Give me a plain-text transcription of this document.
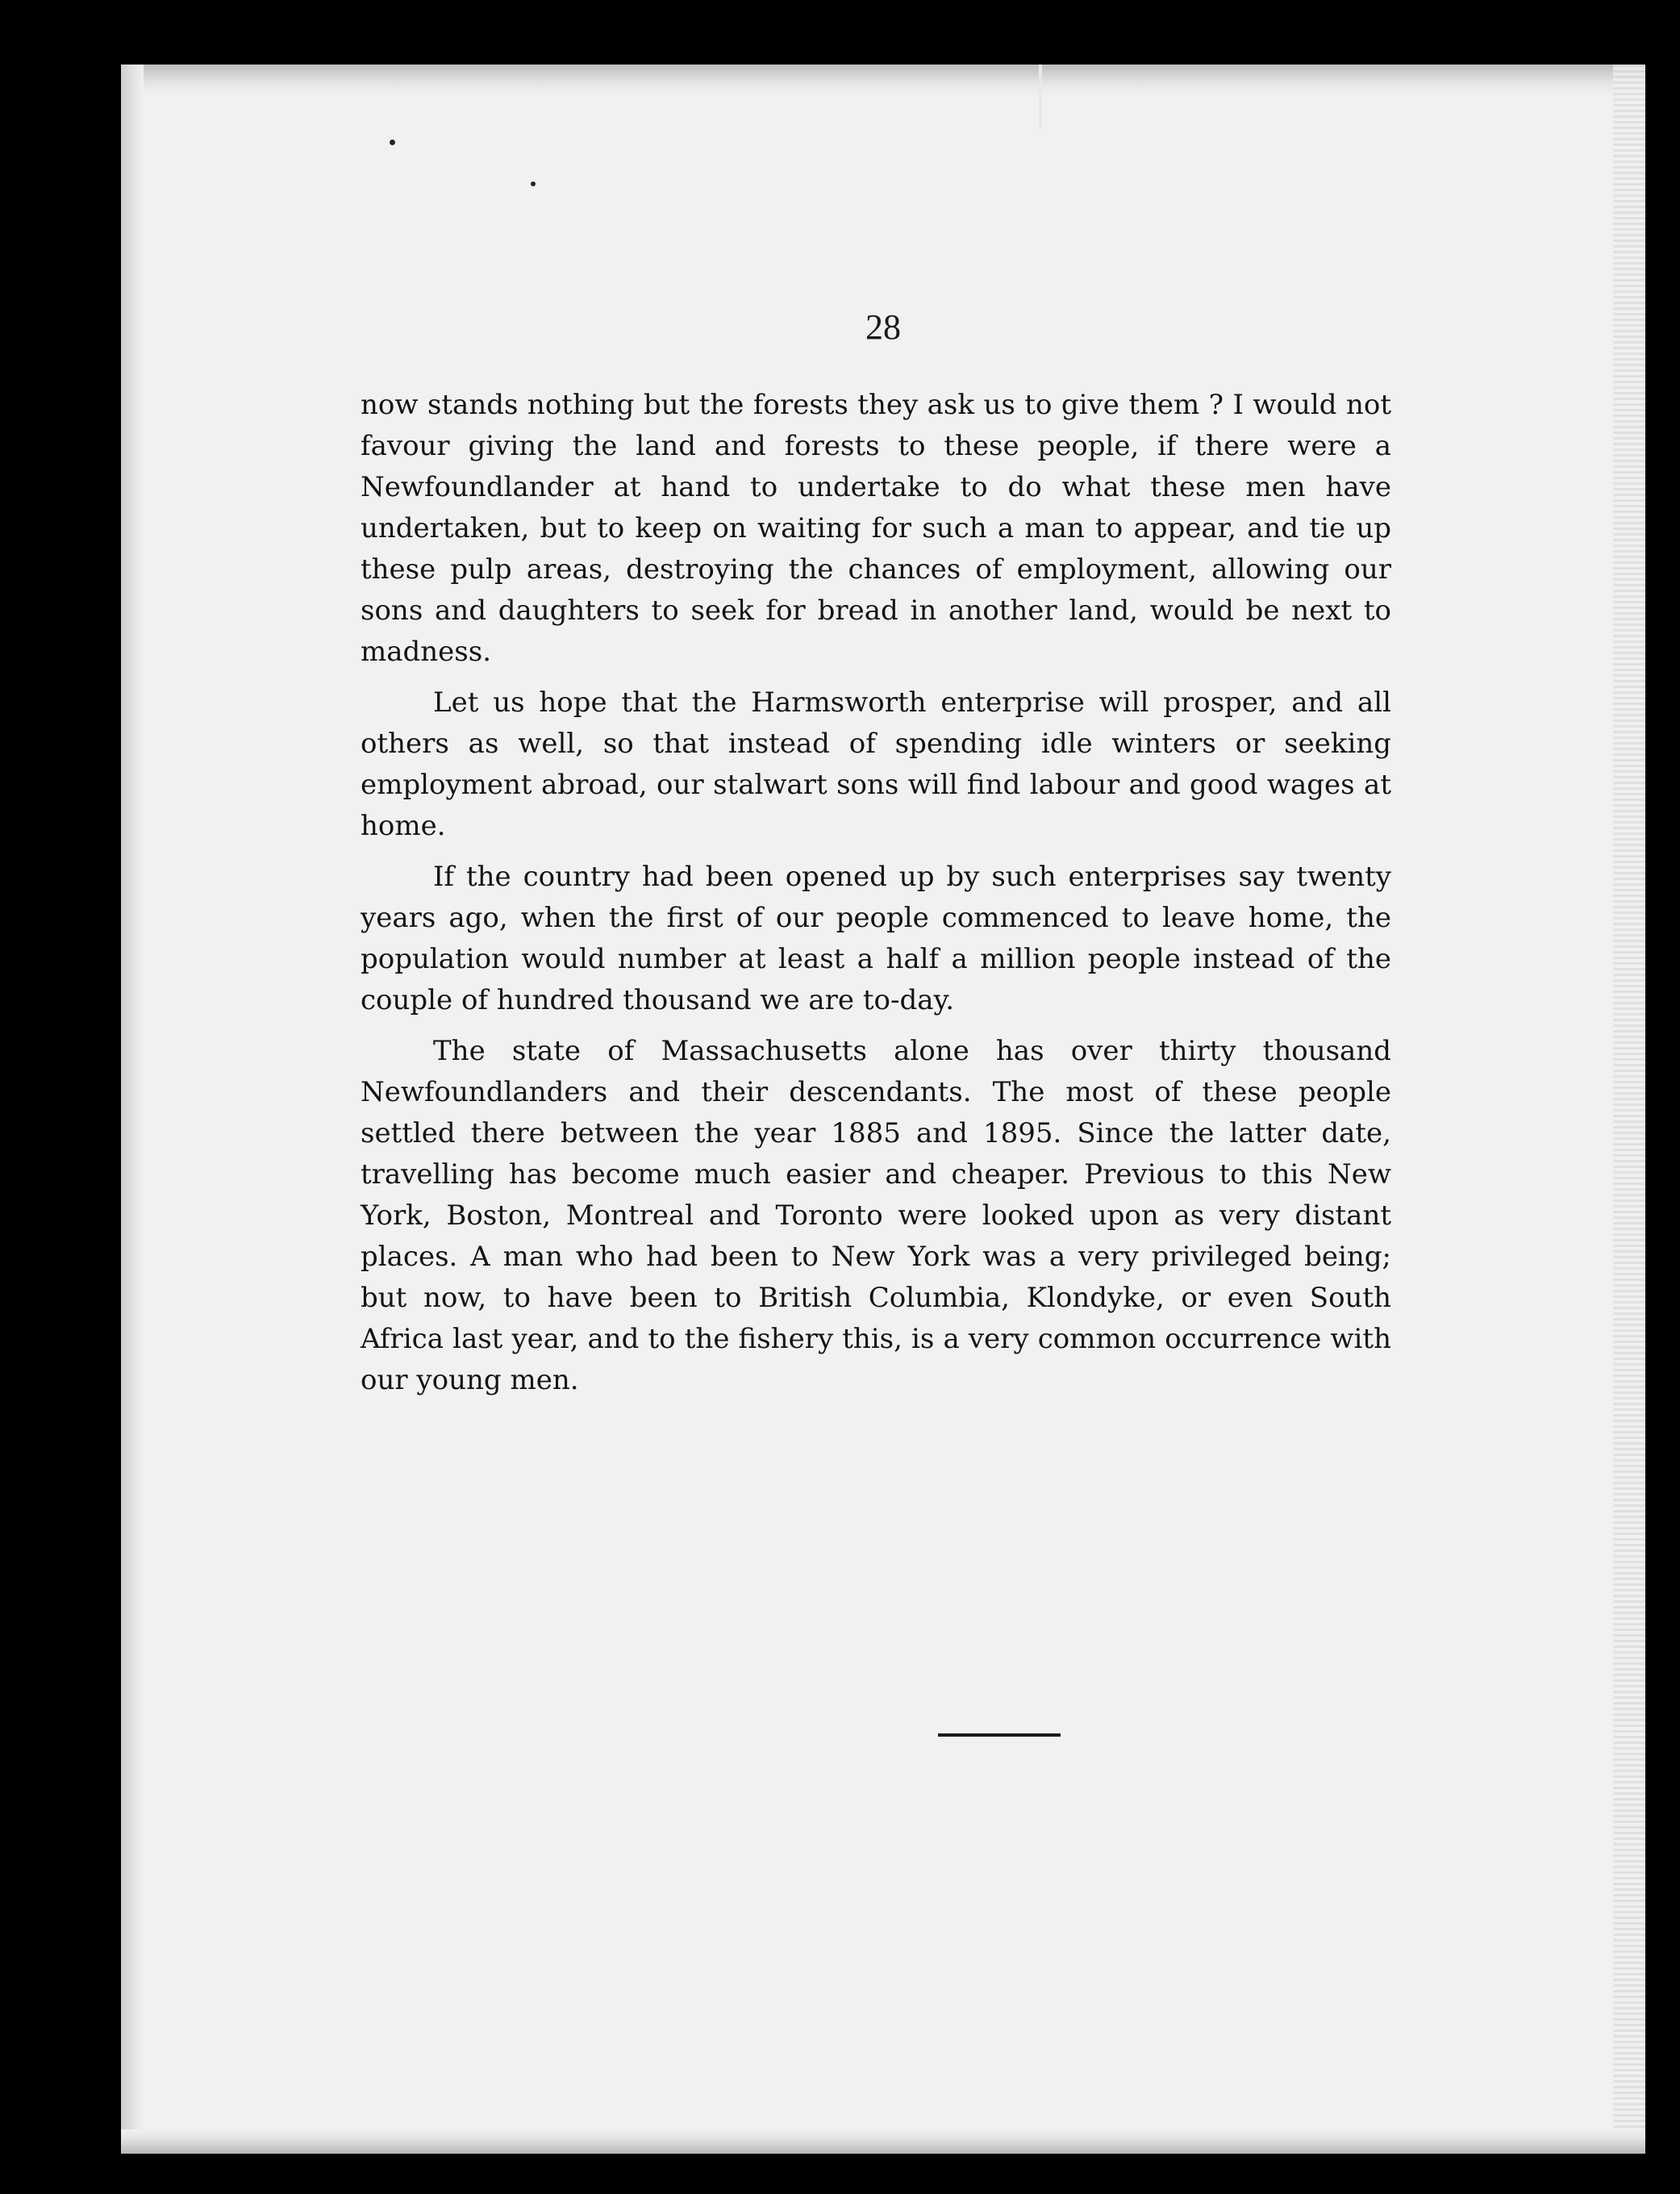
28

now stands nothing but the forests they ask us to give them ? I would not favour giving the land and forests to these people, if there were a Newfoundlander at hand to undertake to do what these men have undertaken, but to keep on waiting for such a man to appear, and tie up these pulp areas, destroying the chances of employment, allowing our sons and daughters to seek for bread in another land, would be next to madness.

Let us hope that the Harmsworth enterprise will prosper, and all others as well, so that instead of spending idle winters or seeking employment abroad, our stalwart sons will find labour and good wages at home.

If the country had been opened up by such enterprises say twenty years ago, when the first of our people commenced to leave home, the population would number at least a half a million people instead of the couple of hundred thousand we are to-day.

The state of Massachusetts alone has over thirty thousand Newfoundlanders and their descendants. The most of these people settled there between the year 1885 and 1895. Since the latter date, travelling has become much easier and cheaper. Previous to this New York, Boston, Montreal and Toronto were looked upon as very distant places. A man who had been to New York was a very privileged being; but now, to have been to British Columbia, Klondyke, or even South Africa last year, and to the fishery this, is a very common occurrence with our young men.
